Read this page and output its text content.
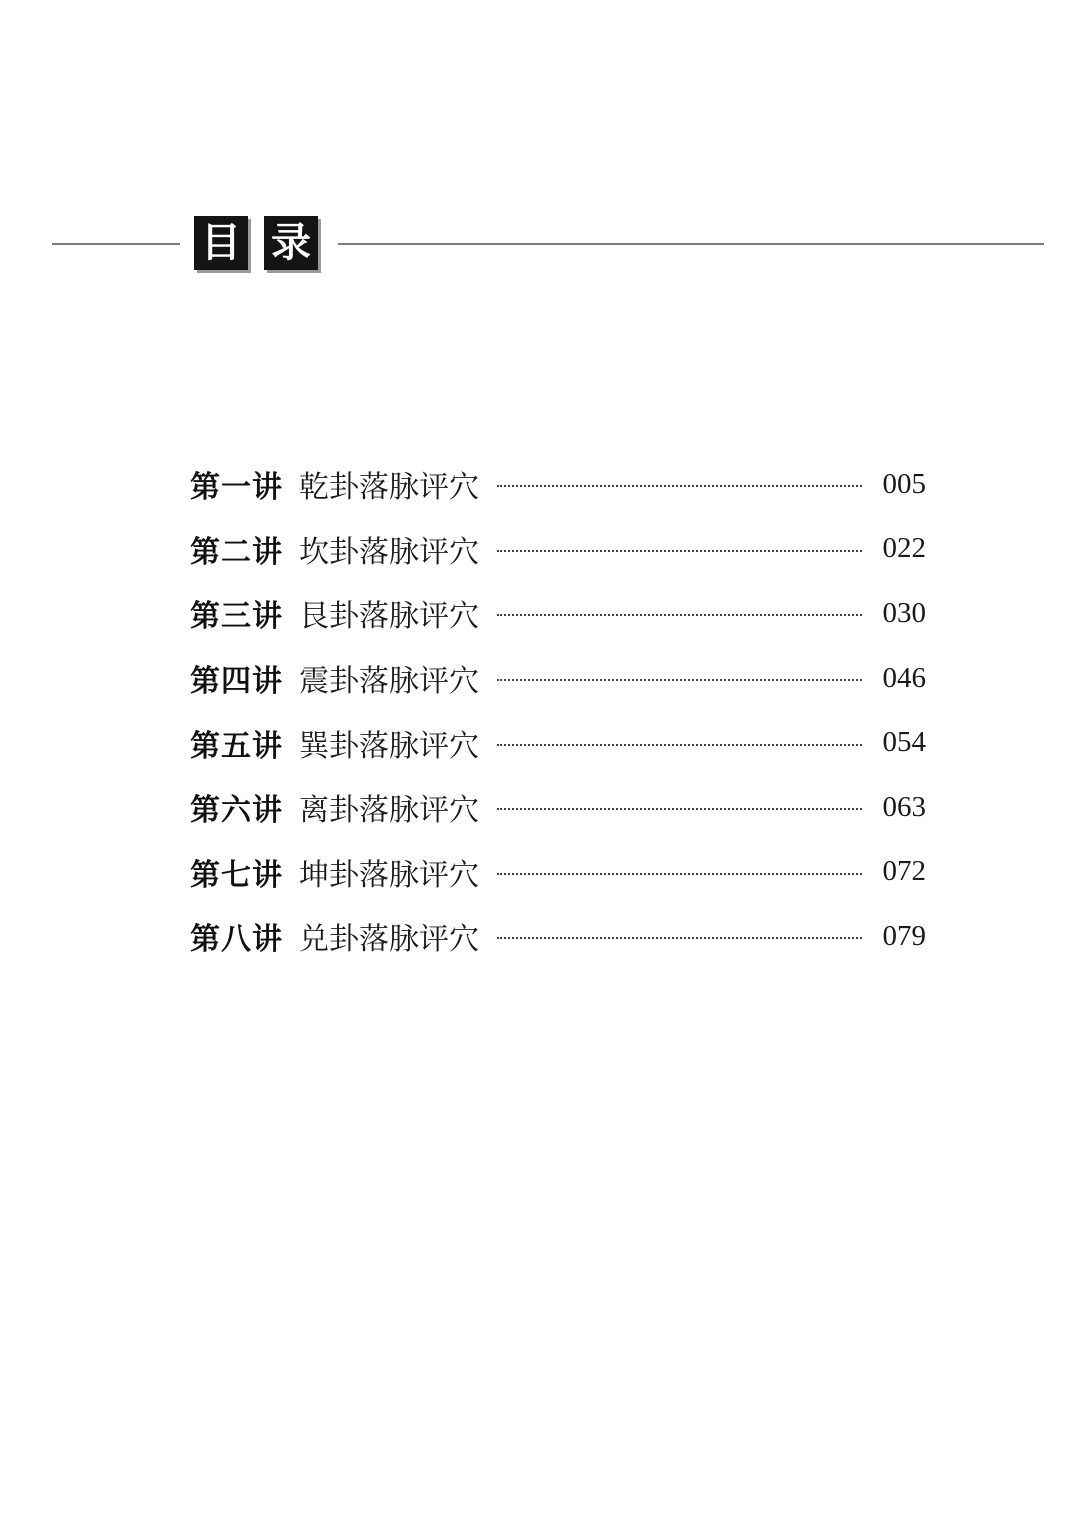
目 录
第一讲 乾卦落脉评穴	005
第二讲 坎卦落脉评穴	022
第三讲 艮卦落脉评穴	030
第四讲 震卦落脉评穴	046
第五讲 巽卦落脉评穴	054
第六讲 离卦落脉评穴	063
第七讲 坤卦落脉评穴	072
第八讲 兑卦落脉评穴	079
